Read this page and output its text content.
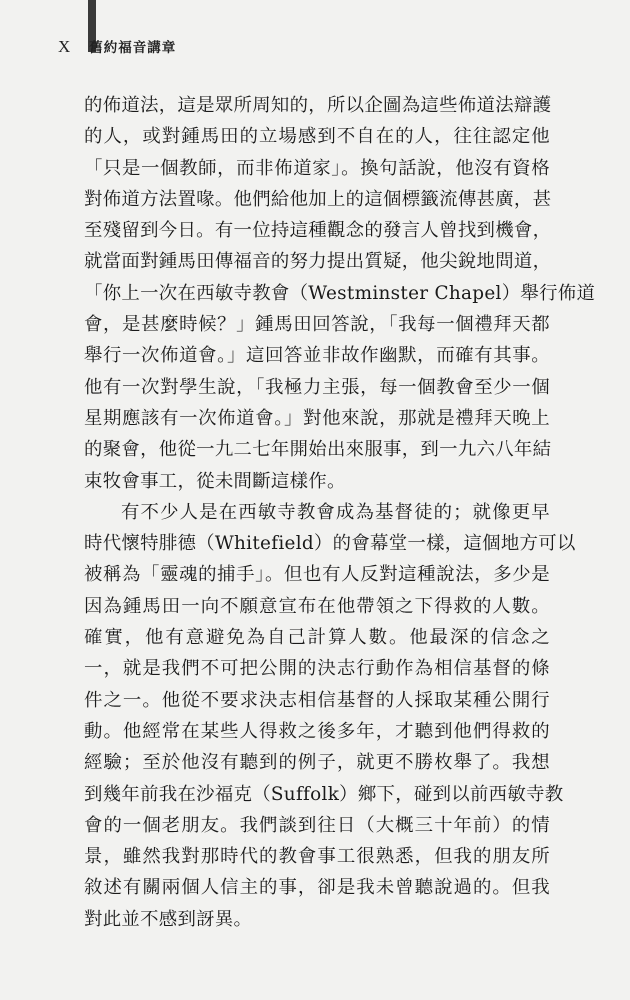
X 舊約福音講章
的佈道法，這是眾所周知的，所以企圖為這些佈道法辯護
的人，或對鍾馬田的立場感到不自在的人，往往認定他
「只是一個教師，而非佈道家」。換句話說，他沒有資格
對佈道方法置喙。他們給他加上的這個標籤流傳甚廣，甚
至殘留到今日。有一位持這種觀念的發言人曾找到機會，
就當面對鍾馬田傳福音的努力提出質疑，他尖銳地問道，
「你上一次在西敏寺教會（Westminster Chapel）舉行佈道
會，是甚麼時候？」鍾馬田回答說，「我每一個禮拜天都
舉行一次佈道會。」這回答並非故作幽默，而確有其事。
他有一次對學生說，「我極力主張，每一個教會至少一個
星期應該有一次佈道會。」對他來說，那就是禮拜天晚上
的聚會，他從一九二七年開始出來服事，到一九六八年結
束牧會事工，從未間斷這樣作。
有不少人是在西敏寺教會成為基督徒的；就像更早
時代懷特腓德（Whitefield）的會幕堂一樣，這個地方可以
被稱為「靈魂的捕手」。但也有人反對這種說法，多少是
因為鍾馬田一向不願意宣布在他帶領之下得救的人數。
確實，他有意避免為自己計算人數。他最深的信念之
一，就是我們不可把公開的決志行動作為相信基督的條
件之一。他從不要求決志相信基督的人採取某種公開行
動。他經常在某些人得救之後多年，才聽到他們得救的
經驗；至於他沒有聽到的例子，就更不勝枚舉了。我想
到幾年前我在沙福克（Suffolk）鄉下，碰到以前西敏寺教
會的一個老朋友。我們談到往日（大概三十年前）的情
景，雖然我對那時代的教會事工很熟悉，但我的朋友所
敘述有關兩個人信主的事，卻是我未曾聽說過的。但我
對此並不感到訝異。
